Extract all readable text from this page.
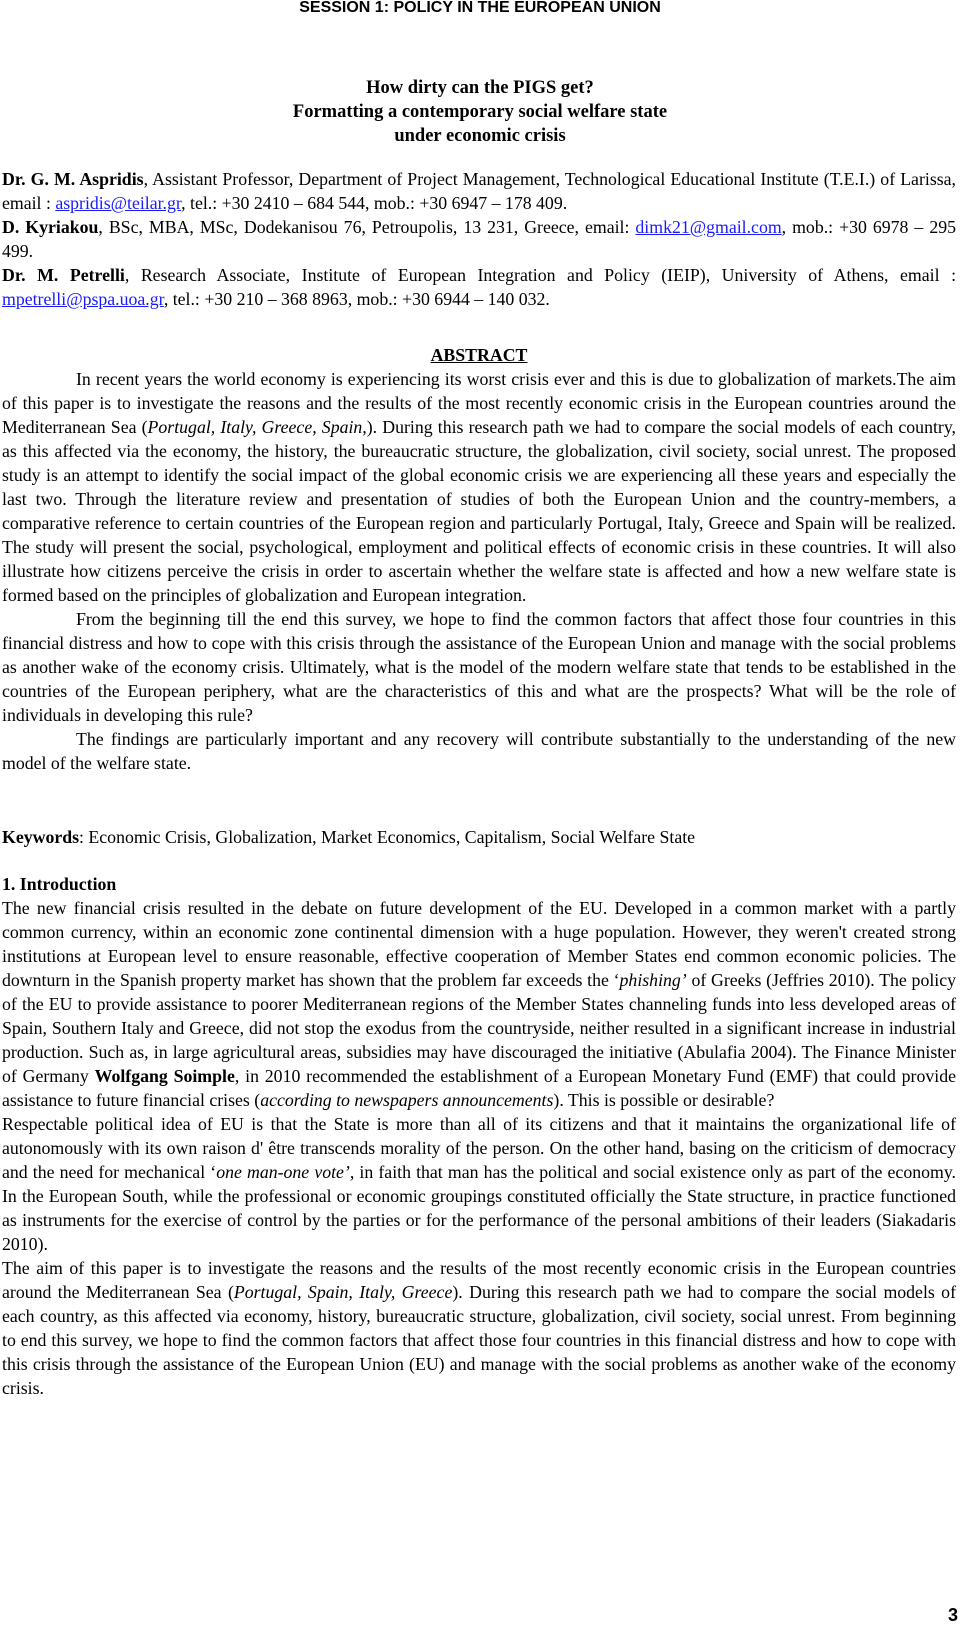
SESSION 1: POLICY IN THE EUROPEAN UNION
How dirty can the PIGS get?
Formatting a contemporary social welfare state
under economic crisis

Dr. G. M. Aspridis, Assistant Professor, Department of Project Management, Technological Educational Institute (T.E.I.) of Larissa, email : aspridis@teilar.gr, tel.: +30 2410 – 684 544, mob.: +30 6947 – 178 409.

D. Kyriakou, BSc, MBA, MSc, Dodekanisou 76, Petroupolis, 13 231, Greece, email: dimk21@gmail.com, mob.: +30 6978 – 295 499.

Dr. M. Petrelli, Research Associate, Institute of European Integration and Policy (IEIP), University of Athens, email : mpetrelli@pspa.uoa.gr, tel.: +30 210 – 368 8963, mob.: +30 6944 – 140 032.

ABSTRACT

In recent years the world economy is experiencing its worst crisis ever and this is due to globalization of markets.The aim of this paper is to investigate the reasons and the results of the most recently economic crisis in the European countries around the Mediterranean Sea (Portugal, Italy, Greece, Spain,). During this research path we had to compare the social models of each country, as this affected via the economy, the history, the bureaucratic structure, the globalization, civil society, social unrest. The proposed study is an attempt to identify the social impact of the global economic crisis we are experiencing all these years and especially the last two. Through the literature review and presentation of studies of both the European Union and the country-members, a comparative reference to certain countries of the European region and particularly Portugal, Italy, Greece and Spain will be realized. The study will present the social, psychological, employment and political effects of economic crisis in these countries. It will also illustrate how citizens perceive the crisis in order to ascertain whether the welfare state is affected and how a new welfare state is formed based on the principles of globalization and European integration.

From the beginning till the end this survey, we hope to find the common factors that affect those four countries in this financial distress and how to cope with this crisis through the assistance of the European Union and manage with the social problems as another wake of the economy crisis. Ultimately, what is the model of the modern welfare state that tends to be established in the countries of the European periphery, what are the characteristics of this and what are the prospects? What will be the role of individuals in developing this rule?

The findings are particularly important and any recovery will contribute substantially to the understanding of the new model of the welfare state.

Keywords: Economic Crisis, Globalization, Market Economics, Capitalism, Social Welfare State

1. Introduction

The new financial crisis resulted in the debate on future development of the EU. Developed in a common market with a partly common currency, within an economic zone continental dimension with a huge population. However, they weren't created strong institutions at European level to ensure reasonable, effective cooperation of Member States end common economic policies. The downturn in the Spanish property market has shown that the problem far exceeds the ‘phishing’ of Greeks (Jeffries 2010). The policy of the EU to provide assistance to poorer Mediterranean regions of the Member States channeling funds into less developed areas of Spain, Southern Italy and Greece, did not stop the exodus from the countryside, neither resulted in a significant increase in industrial production. Such as, in large agricultural areas, subsidies may have discouraged the initiative (Abulafia 2004). The Finance Minister of Germany Wolfgang Soimple, in 2010 recommended the establishment of a European Monetary Fund (EMF) that could provide assistance to future financial crises (according to newspapers announcements). This is possible or desirable?

Respectable political idea of EU is that the State is more than all of its citizens and that it maintains the organizational life of autonomously with its own raison d' être transcends morality of the person. On the other hand, basing on the criticism of democracy and the need for mechanical ‘one man-one vote’, in faith that man has the political and social existence only as part of the economy. In the European South, while the professional or economic groupings constituted officially the State structure, in practice functioned as instruments for the exercise of control by the parties or for the performance of the personal ambitions of their leaders (Siakadaris 2010).

The aim of this paper is to investigate the reasons and the results of the most recently economic crisis in the European countries around the Mediterranean Sea (Portugal, Spain, Italy, Greece). During this research path we had to compare the social models of each country, as this affected via economy, history, bureaucratic structure, globalization, civil society, social unrest. From beginning to end this survey, we hope to find the common factors that affect those four countries in this financial distress and how to cope with this crisis through the assistance of the European Union (EU) and manage with the social problems as another wake of the economy crisis.

3
